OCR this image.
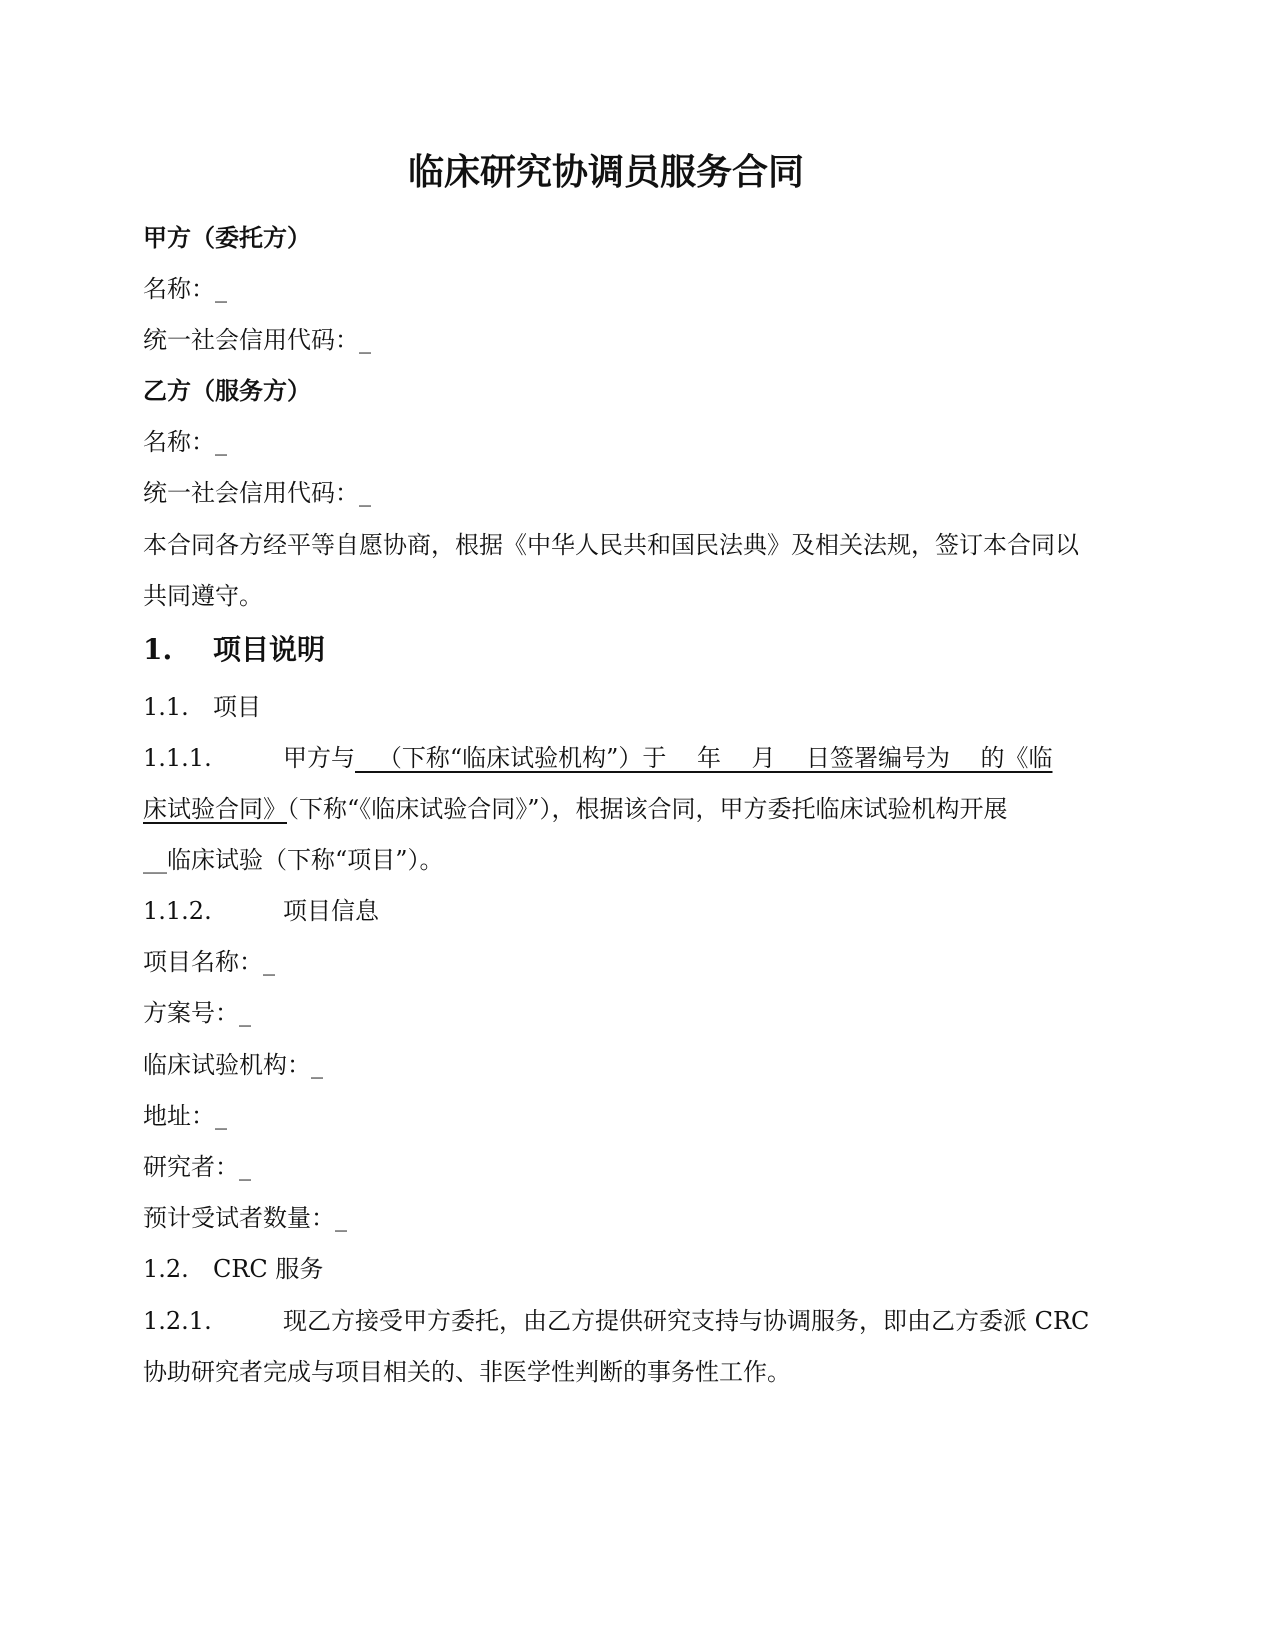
临床研究协调员服务合同
甲方（委托方）
名称：_
统一社会信用代码：_
乙方（服务方）
名称：_
统一社会信用代码：_
本合同各方经平等自愿协商，根据《中华人民共和国民法典》及相关法规，签订本合同以
共同遵守。
1. 项目说明
1.1. 项目
1.1.1.	甲方与   （下称“临床试验机构”）于    年    月    日签署编号为    的《临
床试验合同》（下称“《临床试验合同》”），根据该合同，甲方委托临床试验机构开展
__临床试验（下称“项目”）。
1.1.2.	项目信息
项目名称：_
方案号：_
临床试验机构：_
地址：_
研究者：_
预计受试者数量：_
1.2. CRC 服务
1.2.1.	现乙方接受甲方委托，由乙方提供研究支持与协调服务，即由乙方委派 CRC
协助研究者完成与项目相关的、非医学性判断的事务性工作。
